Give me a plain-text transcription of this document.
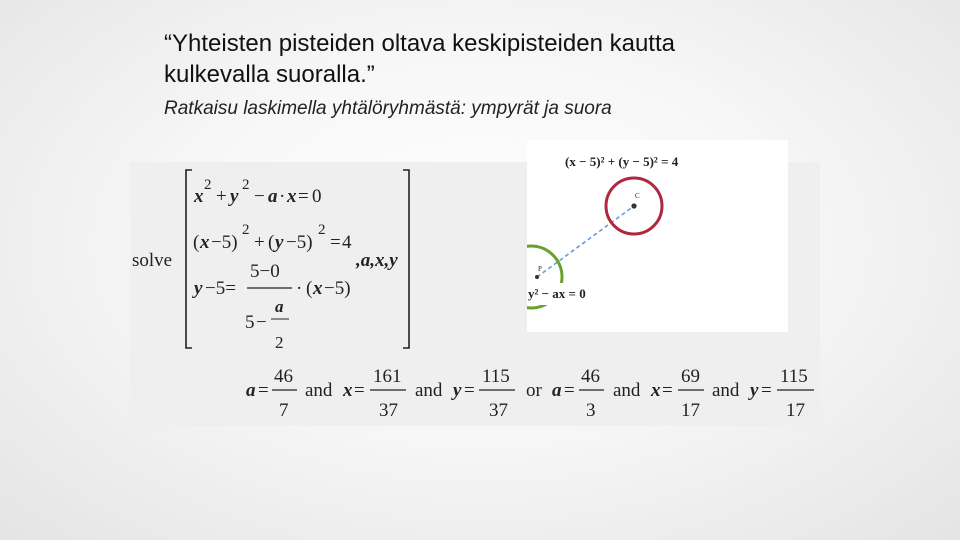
“Yhteisten pisteiden oltava keskipisteiden kautta
kulkevalla suoralla.”
Ratkaisu laskimella yhtälöryhmästä: ympyrät ja suora
solve
x
2
+ y
2
− a · x = 0
( x −5)
2
+ ( y −5)
2
= 4
y −5=
5−0
5 −
a
2
· ( x −5)
,a,x,y
a =
46
7
and x =
161
37
and y =
115
37
or a =
46
3
and x =
69
17
and y =
115
17
(x − 5)² + (y − 5)² = 4
C
P
y² − ax = 0
